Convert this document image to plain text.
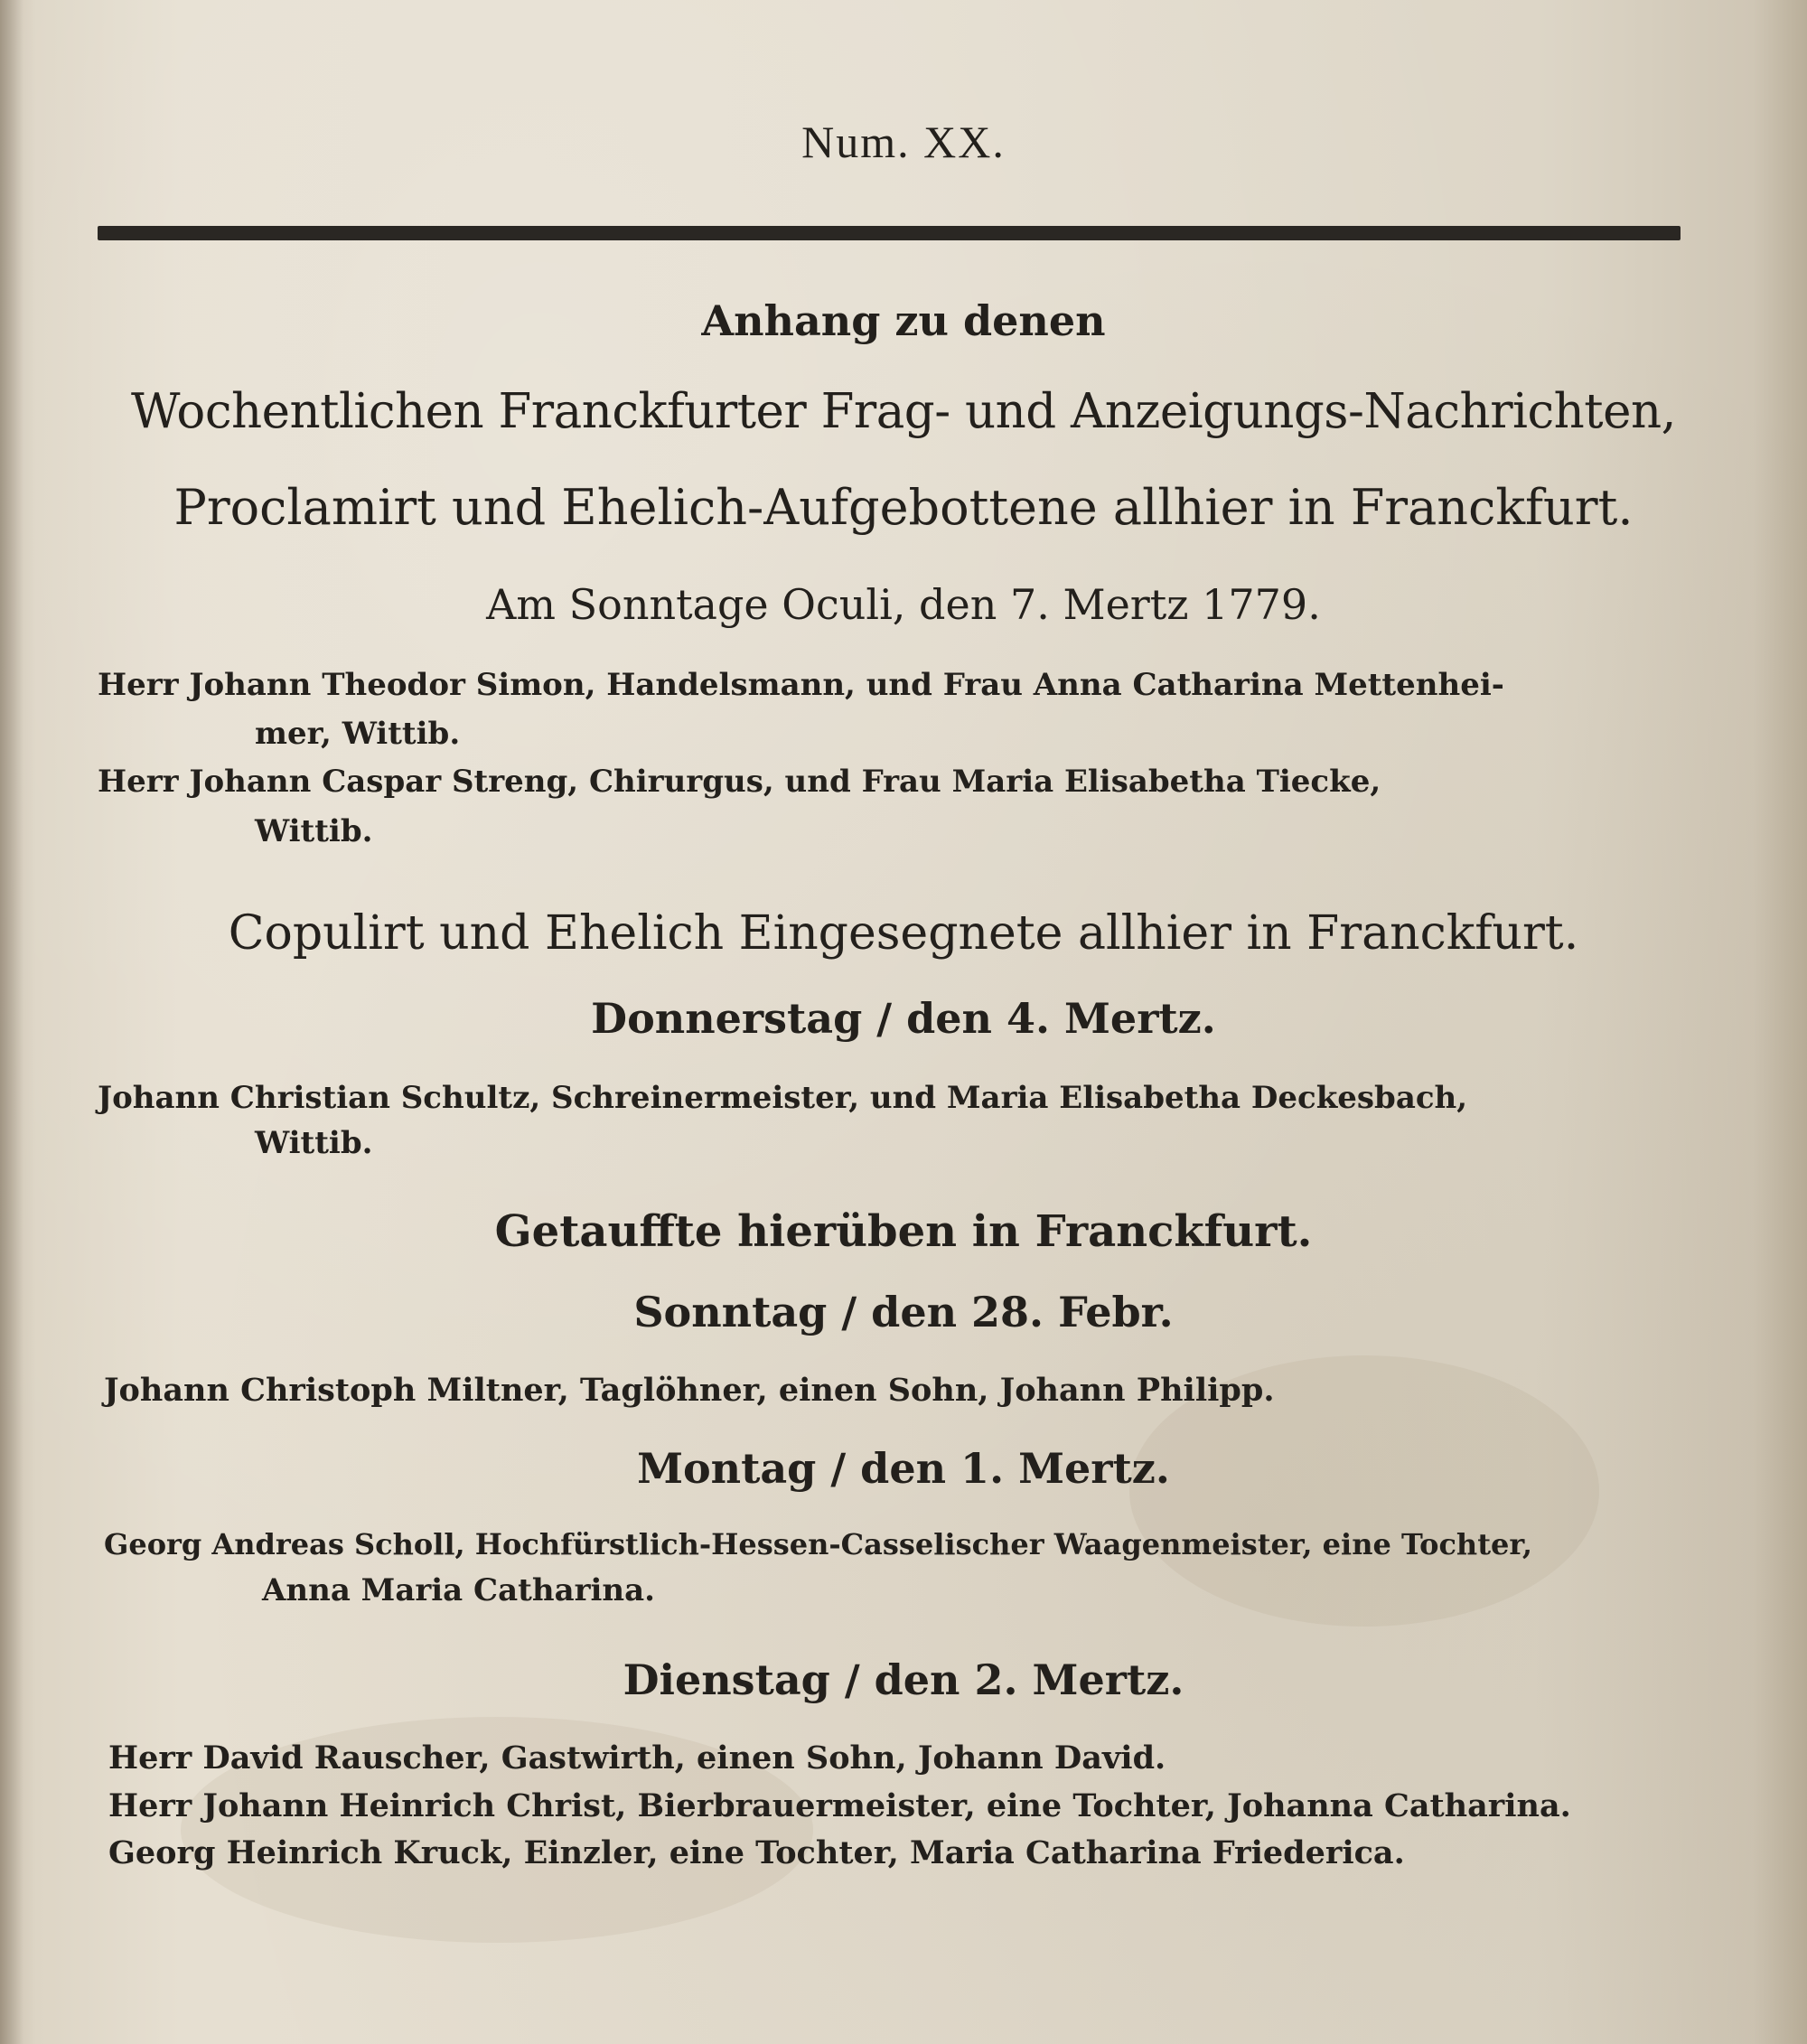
Num. XX.
Anhang zu denen
Wochentlichen Franckfurter Frag- und Anzeigungs-Nachrichten,
Proclamirt und Ehelich-Aufgebottene allhier in Franckfurt.
Am Sonntage Oculi, den 7. Mertz 1779.
Herr Johann Theodor Simon, Handelsmann, und Frau Anna Catharina Mettenhei-
mer, Wittib.
Herr Johann Caspar Streng, Chirurgus, und Frau Maria Elisabetha Tiecke,
Wittib.
Copulirt und Ehelich Eingesegnete allhier in Franckfurt.
Donnerstag / den 4. Mertz.
Johann Christian Schultz, Schreinermeister, und Maria Elisabetha Deckesbach,
Wittib.
Getauffte hierüben in Franckfurt.
Sonntag / den 28. Febr.
Johann Christoph Miltner, Taglöhner, einen Sohn, Johann Philipp.
Montag / den 1. Mertz.
Georg Andreas Scholl, Hochfürstlich-Hessen-Casselischer Waagenmeister, eine Tochter,
Anna Maria Catharina.
Dienstag / den 2. Mertz.
Herr David Rauscher, Gastwirth, einen Sohn, Johann David.
Herr Johann Heinrich Christ, Bierbrauermeister, eine Tochter, Johanna Catharina.
Georg Heinrich Kruck, Einzler, eine Tochter, Maria Catharina Friederica.
